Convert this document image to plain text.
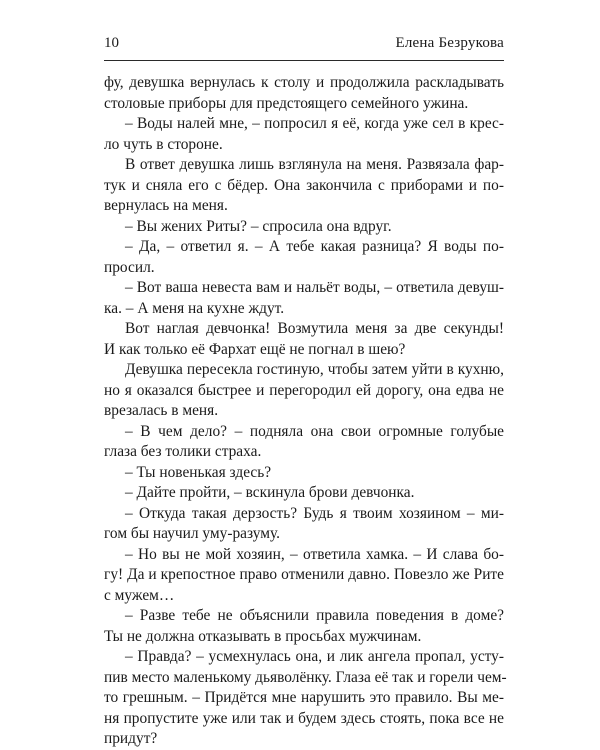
10	Елена Безрукова

фу, девушка вернулась к столу и продолжила раскладывать

столовые приборы для предстоящего семейного ужина.

– Воды налей мне, – попросил я её, когда уже сел в крес-

ло чуть в стороне.

В ответ девушка лишь взглянула на меня. Развязала фар-

тук и сняла его с бёдер. Она закончила с приборами и по-

вернулась на меня.

– Вы жених Риты? – спросила она вдруг.

– Да, – ответил я. – А тебе какая разница? Я воды по-

просил.

– Вот ваша невеста вам и нальёт воды, – ответила девуш-

ка. – А меня на кухне ждут.

Вот наглая девчонка! Возмутила меня за две секунды!

И как только её Фархат ещё не погнал в шею?

Девушка пересекла гостиную, чтобы затем уйти в кухню,

но я оказался быстрее и перегородил ей дорогу, она едва не

врезалась в меня.

– В чем дело? – подняла она свои огромные голубые

глаза без толики страха.

– Ты новенькая здесь?

– Дайте пройти, – вскинула брови девчонка.

– Откуда такая дерзость? Будь я твоим хозяином – ми-

гом бы научил уму-разуму.

– Но вы не мой хозяин, – ответила хамка. – И слава бо-

гу! Да и крепостное право отменили давно. Повезло же Рите

с мужем…

– Разве тебе не объяснили правила поведения в доме?

Ты не должна отказывать в просьбах мужчинам.

– Правда? – усмехнулась она, и лик ангела пропал, усту-

пив место маленькому дьяволёнку. Глаза её так и горели чем-

то грешным. – Придётся мне нарушить это правило. Вы ме-

ня пропустите уже или так и будем здесь стоять, пока все не

придут?
